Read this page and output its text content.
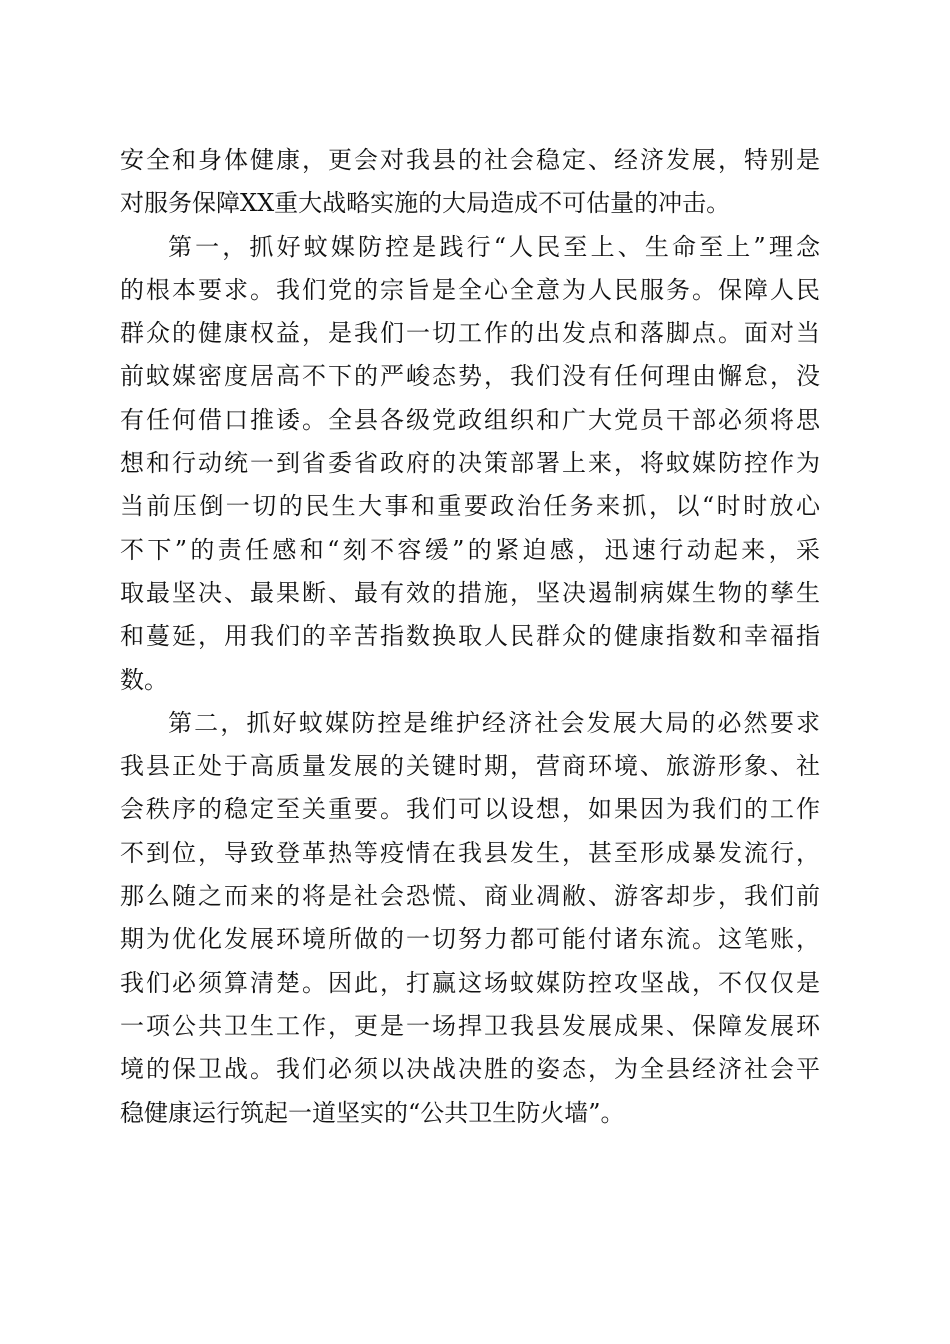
安全和身体健康，更会对我县的社会稳定、经济发展，特别是
对服务保障XX重大战略实施的大局造成不可估量的冲击。
第一，抓好蚊媒防控是践行“人民至上、生命至上”理念
的根本要求。我们党的宗旨是全心全意为人民服务。保障人民
群众的健康权益，是我们一切工作的出发点和落脚点。面对当
前蚊媒密度居高不下的严峻态势，我们没有任何理由懈怠，没
有任何借口推诿。全县各级党政组织和广大党员干部必须将思
想和行动统一到省委省政府的决策部署上来，将蚊媒防控作为
当前压倒一切的民生大事和重要政治任务来抓，以“时时放心
不下”的责任感和“刻不容缓”的紧迫感，迅速行动起来，采
取最坚决、最果断、最有效的措施，坚决遏制病媒生物的孳生
和蔓延，用我们的辛苦指数换取人民群众的健康指数和幸福指
数。
第二，抓好蚊媒防控是维护经济社会发展大局的必然要求
我县正处于高质量发展的关键时期，营商环境、旅游形象、社
会秩序的稳定至关重要。我们可以设想，如果因为我们的工作
不到位，导致登革热等疫情在我县发生，甚至形成暴发流行，
那么随之而来的将是社会恐慌、商业凋敝、游客却步，我们前
期为优化发展环境所做的一切努力都可能付诸东流。这笔账，
我们必须算清楚。因此，打赢这场蚊媒防控攻坚战，不仅仅是
一项公共卫生工作，更是一场捍卫我县发展成果、保障发展环
境的保卫战。我们必须以决战决胜的姿态，为全县经济社会平
稳健康运行筑起一道坚实的“公共卫生防火墙”。
